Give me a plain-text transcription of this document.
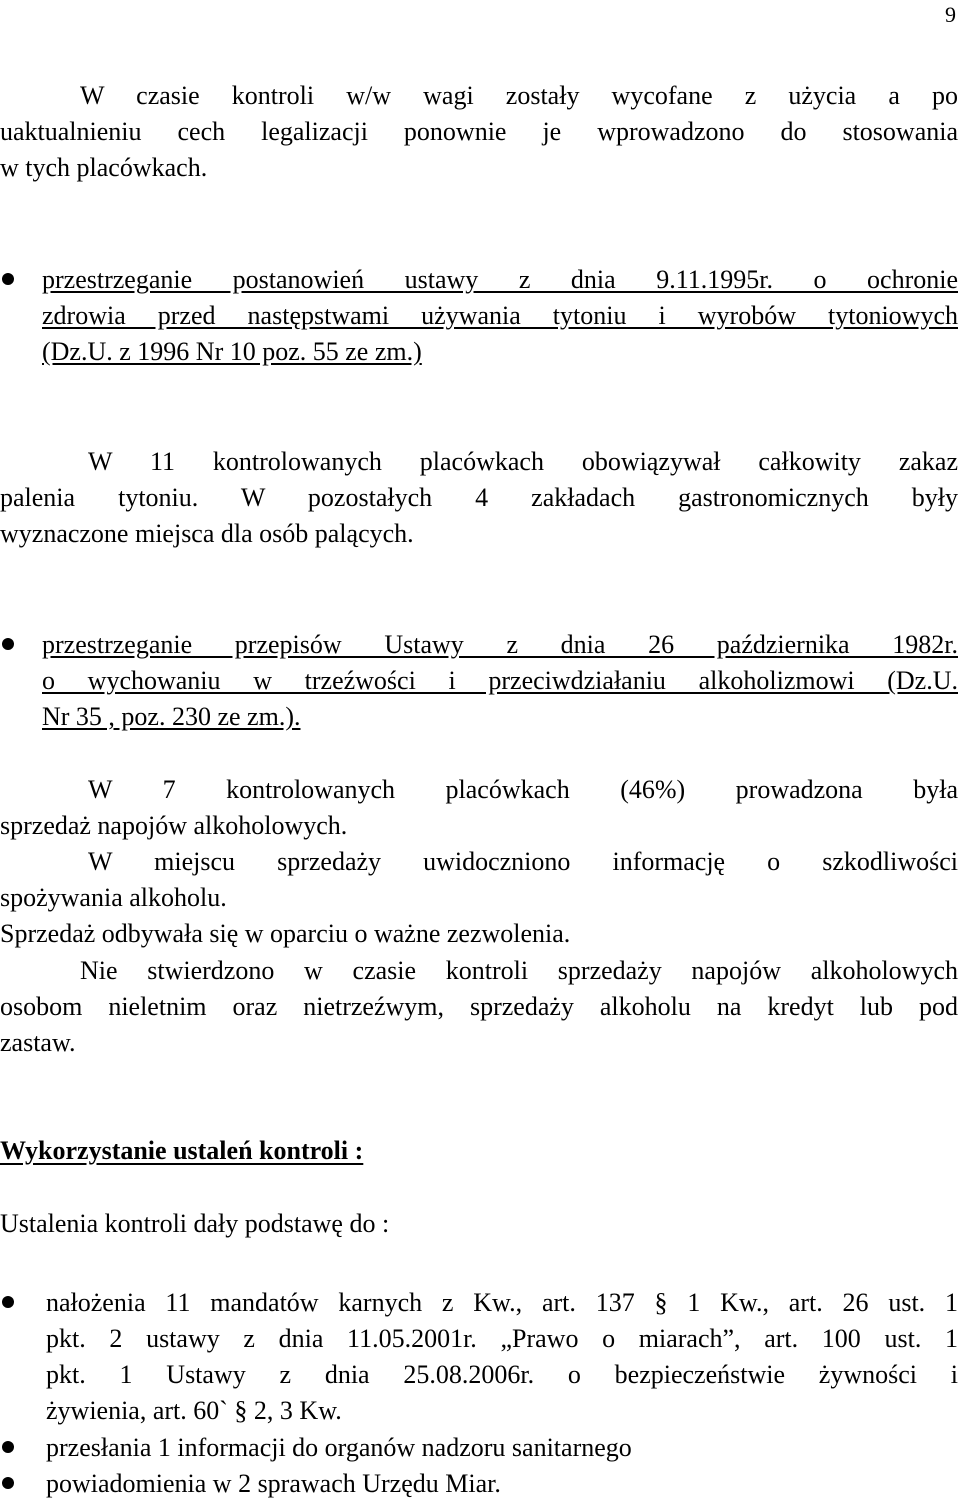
9
W czasie kontroli w/w wagi zostały wycofane z użycia a po
uaktualnieniu cech legalizacji ponownie je wprowadzono do stosowania
w tych placówkach.
przestrzeganie postanowień ustawy z dnia 9.11.1995r. o ochronie
zdrowia przed następstwami używania tytoniu i wyrobów tytoniowych
(Dz.U. z 1996 Nr 10 poz. 55 ze zm.)
W 11 kontrolowanych placówkach obowiązywał całkowity zakaz
palenia tytoniu. W pozostałych 4 zakładach gastronomicznych były
wyznaczone miejsca dla osób palących.
przestrzeganie przepisów Ustawy z dnia 26 października 1982r.
o wychowaniu w trzeźwości i przeciwdziałaniu alkoholizmowi (Dz.U.
Nr 35 , poz. 230 ze zm.).
W 7 kontrolowanych placówkach (46%) prowadzona była
sprzedaż napojów alkoholowych.
W miejscu sprzedaży uwidoczniono informację o szkodliwości
spożywania alkoholu.
Sprzedaż odbywała się w oparciu o ważne zezwolenia.
Nie stwierdzono w czasie kontroli sprzedaży napojów alkoholowych
osobom nieletnim oraz nietrzeźwym, sprzedaży alkoholu na kredyt lub pod
zastaw.
Wykorzystanie ustaleń kontroli :
Ustalenia kontroli dały podstawę do :
nałożenia 11 mandatów karnych z Kw., art. 137 § 1 Kw., art. 26 ust. 1
pkt. 2 ustawy z dnia 11.05.2001r. „Prawo o miarach”, art. 100 ust. 1
pkt. 1 Ustawy z dnia 25.08.2006r. o bezpieczeństwie żywności i
żywienia, art. 60` § 2, 3 Kw.
przesłania 1 informacji do organów nadzoru sanitarnego
powiadomienia w 2 sprawach Urzędu Miar.
